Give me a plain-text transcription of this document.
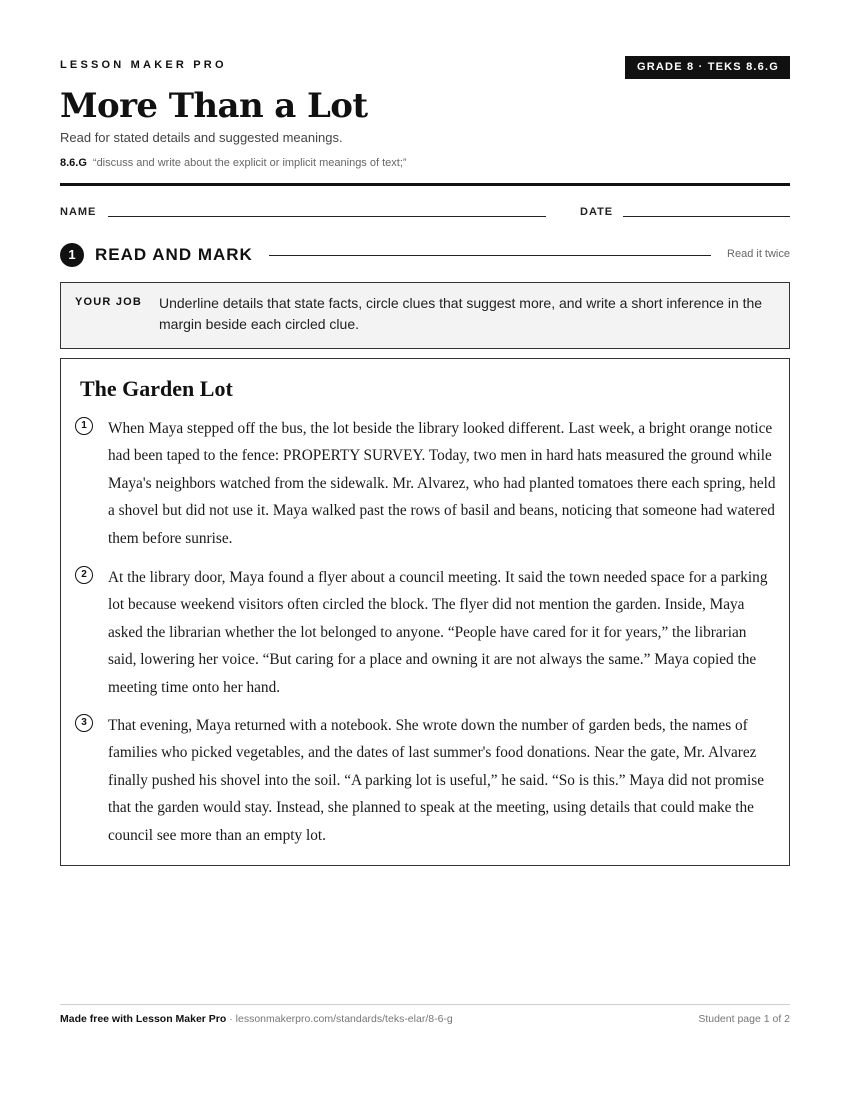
LESSON MAKER PRO	GRADE 8 · TEKS 8.6.G
More Than a Lot
Read for stated details and suggested meanings.
8.6.G “discuss and write about the explicit or implicit meanings of text;”
NAME	DATE
1	READ AND MARK	Read it twice
YOUR JOB Underline details that state facts, circle clues that suggest more, and write a short inference in the margin beside each circled clue.
The Garden Lot
1	When Maya stepped off the bus, the lot beside the library looked different. Last week, a bright orange notice had been taped to the fence: PROPERTY SURVEY. Today, two men in hard hats measured the ground while Maya's neighbors watched from the sidewalk. Mr. Alvarez, who had planted tomatoes there each spring, held a shovel but did not use it. Maya walked past the rows of basil and beans, noticing that someone had watered them before sunrise.

2	At the library door, Maya found a flyer about a council meeting. It said the town needed space for a parking lot because weekend visitors often circled the block. The flyer did not mention the garden. Inside, Maya asked the librarian whether the lot belonged to anyone. “People have cared for it for years,” the librarian said, lowering her voice. “But caring for a place and owning it are not always the same.” Maya copied the meeting time onto her hand.

3	That evening, Maya returned with a notebook. She wrote down the number of garden beds, the names of families who picked vegetables, and the dates of last summer's food donations. Near the gate, Mr. Alvarez finally pushed his shovel into the soil. “A parking lot is useful,” he said. “So is this.” Maya did not promise that the garden would stay. Instead, she planned to speak at the meeting, using details that could make the council see more than an empty lot.

Made free with Lesson Maker Pro · lessonmakerpro.com/standards/teks-elar/8-6-g	Student page 1 of 2
